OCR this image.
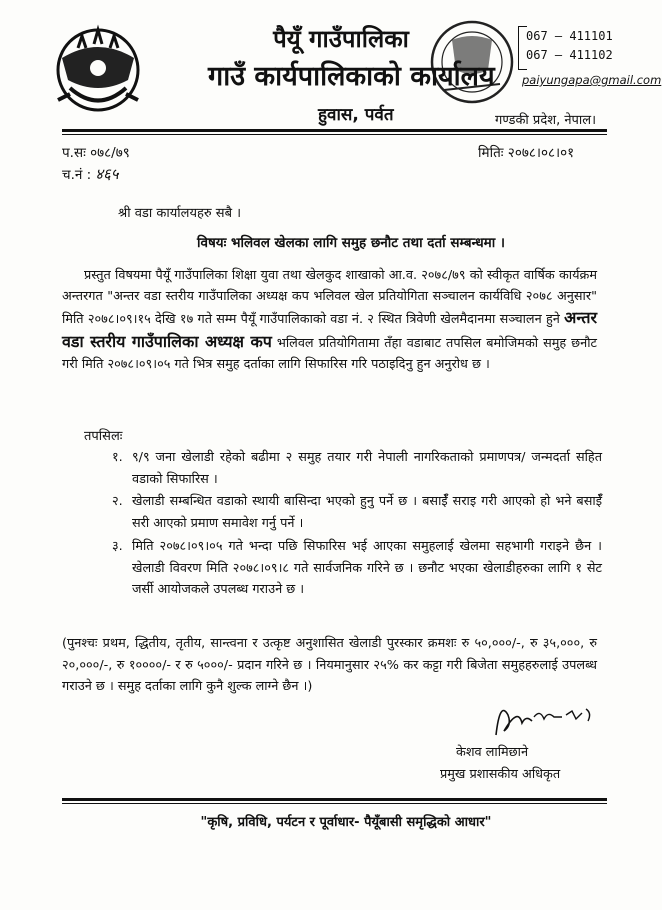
पैयूँ गाउँपालिका
गाउँ कार्यपालिकाको कार्यालय
हुवास, पर्वत
067 – 411101
067 – 411102
paiyungapa@gmail.com
गण्डकी प्रदेश, नेपाल।
प.सः ०७८/७९
च.नं : ४६५
मितिः २०७८।०८।०१
श्री वडा कार्यालयहरु सबै ।
विषयः भलिवल खेलका लागि समुह छनौट तथा दर्ता सम्बन्धमा ।
प्रस्तुत विषयमा पैयूँ गाउँपालिका शिक्षा युवा तथा खेलकुद शाखाको आ.व. २०७८/७९ को स्वीकृत वार्षिक कार्यक्रम अन्तरगत "अन्तर वडा स्तरीय गाउँपालिका अध्यक्ष कप भलिवल खेल प्रतियोगिता सञ्चालन कार्यविधि २०७८ अनुसार" मिति २०७८।०९।१५ देखि १७ गते सम्म पैयूँ गाउँपालिकाको वडा नं. २ स्थित त्रिवेणी खेलमैदानमा सञ्चालन हुने अन्तर वडा स्तरीय गाउँपालिका अध्यक्ष कप भलिवल प्रतियोगितामा तँहा वडाबाट तपसिल बमोजिमको समुह छनौट गरी मिति २०७८।०९।०५ गते भित्र समुह दर्ताका लागि सिफारिस गरि पठाइदिनु हुन अनुरोध छ ।
तपसिलः
१. ९/९ जना खेलाडी रहेको बढीमा २ समुह तयार गरी नेपाली नागरिकताको प्रमाणपत्र/ जन्मदर्ता सहित वडाको सिफारिस ।
२. खेलाडी सम्बन्धित वडाको स्थायी बासिन्दा भएको हुनु पर्ने छ । बसाईँ सराइ गरी आएको हो भने बसाईँ सरी आएको प्रमाण समावेश गर्नु पर्ने ।
३. मिति २०७८।०९।०५ गते भन्दा पछि सिफारिस भई आएका समुहलाई खेलमा सहभागी गराइने छैन । खेलाडी विवरण मिति २०७८।०९।८ गते सार्वजनिक गरिने छ । छनौट भएका खेलाडीहरुका लागि १ सेट जर्सी आयोजकले उपलब्ध गराउने छ ।
(पुनश्चः प्रथम, द्धितीय, तृतीय, सान्त्वना र उत्कृष्ट अनुशासित खेलाडी पुरस्कार क्रमशः रु ५०,०००/-, रु ३५,०००, रु २०,०००/-, रु १००००/- र रु ५०००/- प्रदान गरिने छ । नियमानुसार २५% कर कट्टा गरी बिजेता समुहहरुलाई उपलब्ध गराउने छ । समुह दर्ताका लागि कुनै शुल्क लाग्ने छैन ।)
केशव लामिछाने
प्रमुख प्रशासकीय अधिकृत
"कृषि, प्रविधि, पर्यटन र पूर्वाधार- पैयूँबासी समृद्धिको आधार"
